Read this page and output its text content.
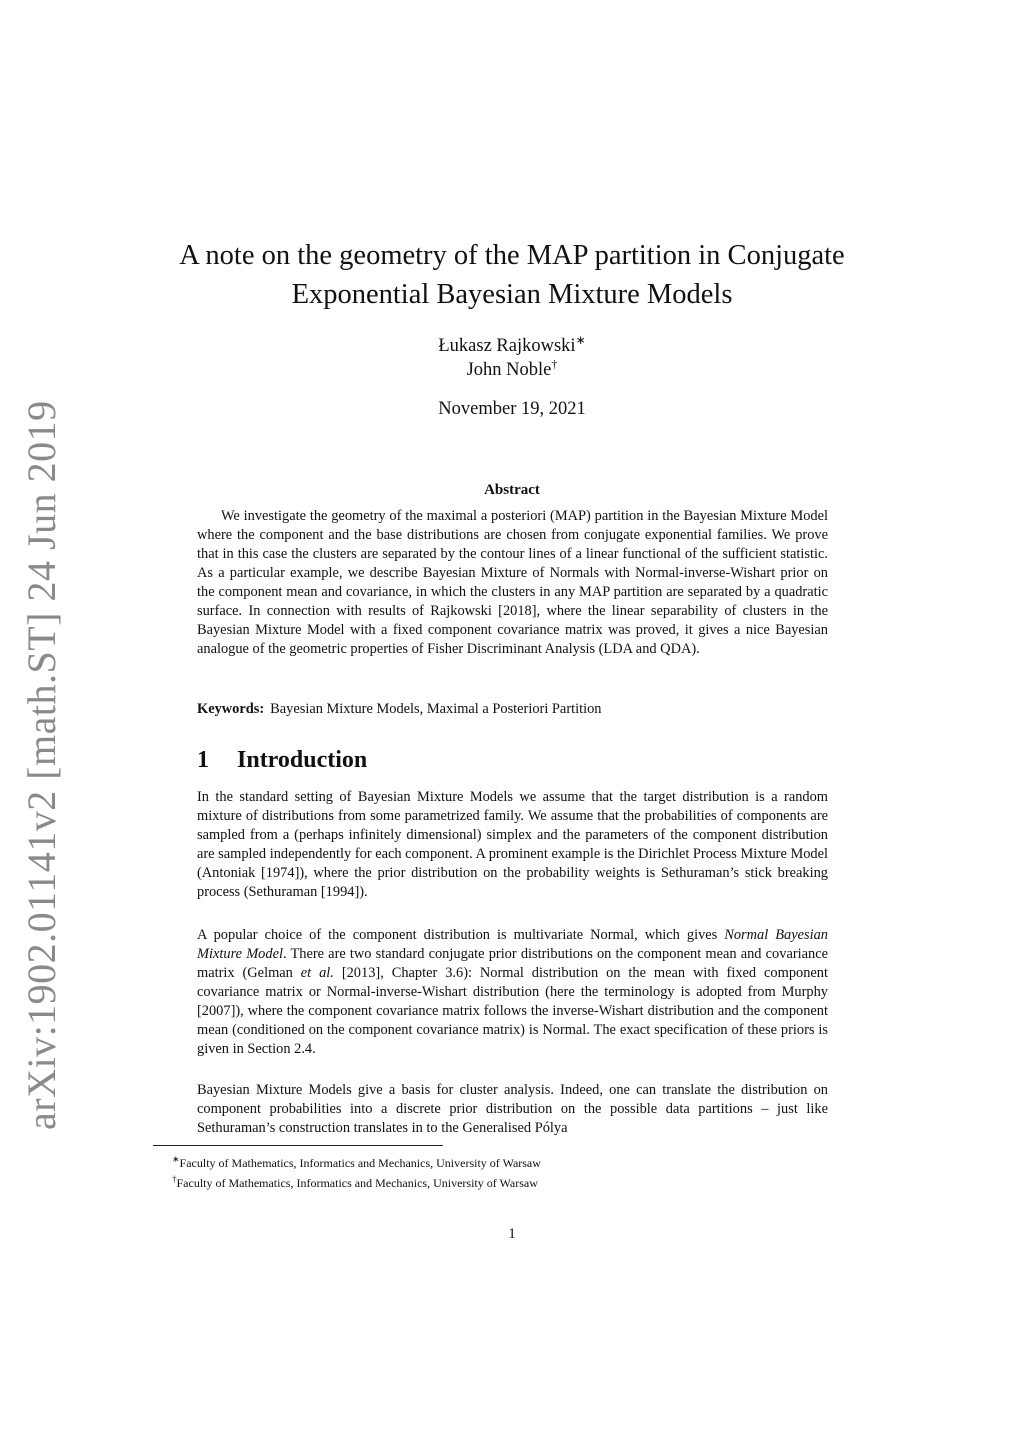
arXiv:1902.01141v2 [math.ST] 24 Jun 2019
A note on the geometry of the MAP partition in Conjugate Exponential Bayesian Mixture Models
Łukasz Rajkowski∗
John Noble†
November 19, 2021
Abstract

We investigate the geometry of the maximal a posteriori (MAP) partition in the Bayesian Mixture Model where the component and the base distributions are chosen from conjugate exponential families. We prove that in this case the clusters are separated by the contour lines of a linear functional of the sufficient statistic. As a particular example, we describe Bayesian Mixture of Normals with Normal-inverse-Wishart prior on the component mean and covariance, in which the clusters in any MAP partition are separated by a quadratic surface. In connection with results of Rajkowski [2018], where the linear separability of clusters in the Bayesian Mixture Model with a fixed component covariance matrix was proved, it gives a nice Bayesian analogue of the geometric properties of Fisher Discriminant Analysis (LDA and QDA).

Keywords: Bayesian Mixture Models, Maximal a Posteriori Partition
1 Introduction

In the standard setting of Bayesian Mixture Models we assume that the target distribution is a random mixture of distributions from some parametrized family. We assume that the probabilities of components are sampled from a (perhaps infinitely dimensional) simplex and the parameters of the component distribution are sampled independently for each component. A prominent example is the Dirichlet Process Mixture Model (Antoniak [1974]), where the prior distribution on the probability weights is Sethuraman’s stick breaking process (Sethuraman [1994]).

A popular choice of the component distribution is multivariate Normal, which gives Normal Bayesian Mixture Model. There are two standard conjugate prior distributions on the component mean and covariance matrix (Gelman et al. [2013], Chapter 3.6): Normal distribution on the mean with fixed component covariance matrix or Normal-inverse-Wishart distribution (here the terminology is adopted from Murphy [2007]), where the component covariance matrix follows the inverse-Wishart distribution and the component mean (conditioned on the component covariance matrix) is Normal. The exact specification of these priors is given in Section 2.4.

Bayesian Mixture Models give a basis for cluster analysis. Indeed, one can translate the distribution on component probabilities into a discrete prior distribution on the possible data partitions – just like Sethuraman’s construction translates in to the Generalised Pólya

∗Faculty of Mathematics, Informatics and Mechanics, University of Warsaw
†Faculty of Mathematics, Informatics and Mechanics, University of Warsaw
1
